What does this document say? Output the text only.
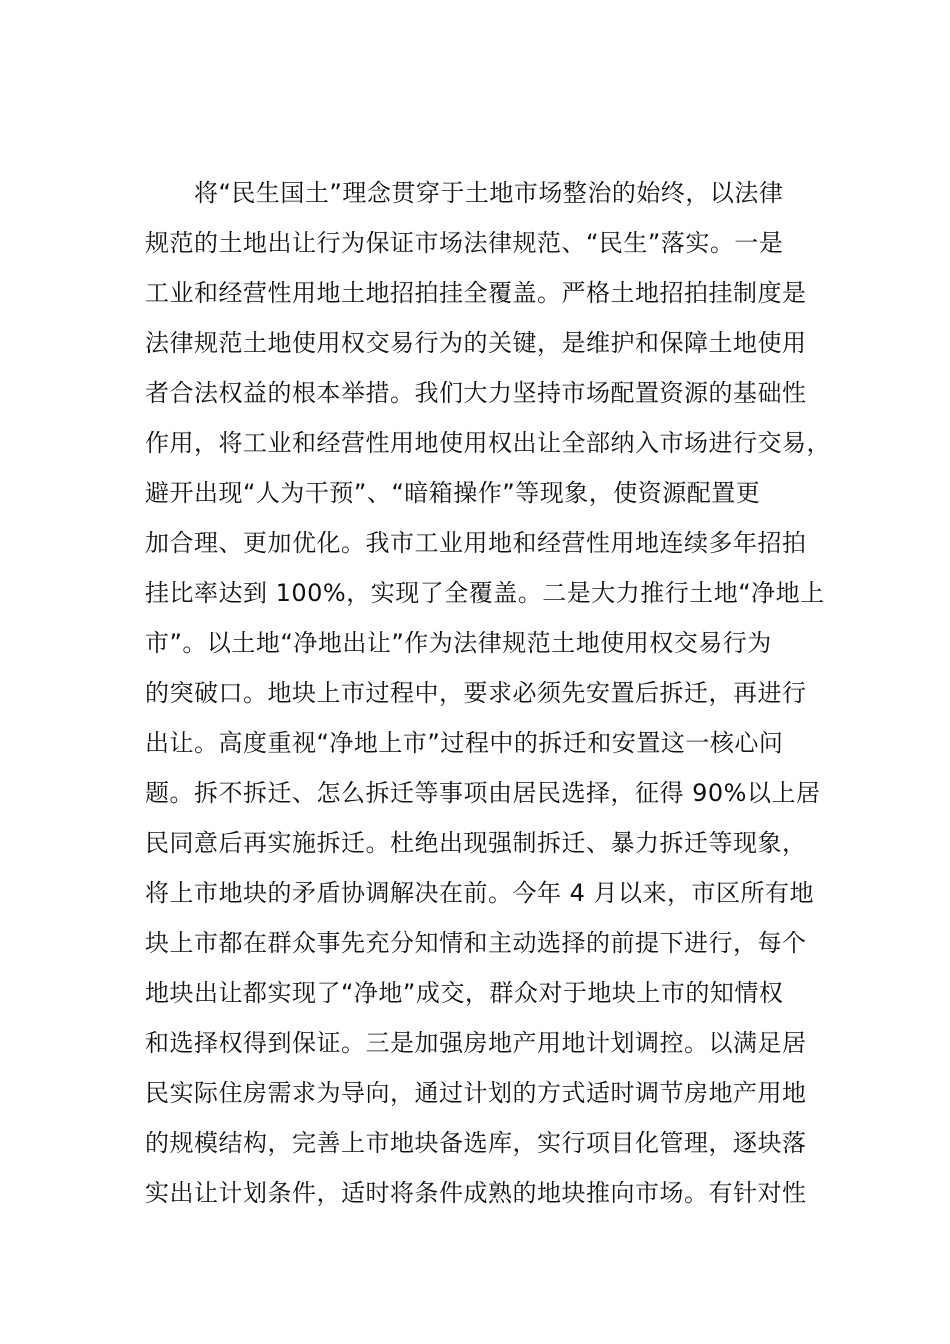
将“民生国土”理念贯穿于土地市场整治的始终，以法律
规范的土地出让行为保证市场法律规范、“民生”落实。一是
工业和经营性用地土地招拍挂全覆盖。严格土地招拍挂制度是
法律规范土地使用权交易行为的关键，是维护和保障土地使用
者合法权益的根本举措。我们大力坚持市场配置资源的基础性
作用，将工业和经营性用地使用权出让全部纳入市场进行交易，
避开出现“人为干预”、“暗箱操作”等现象，使资源配置更
加合理、更加优化。我市工业用地和经营性用地连续多年招拍
挂比率达到 100%，实现了全覆盖。二是大力推行土地“净地上
市”。以土地“净地出让”作为法律规范土地使用权交易行为
的突破口。地块上市过程中，要求必须先安置后拆迁，再进行
出让。高度重视“净地上市”过程中的拆迁和安置这一核心问
题。拆不拆迁、怎么拆迁等事项由居民选择，征得 90%以上居
民同意后再实施拆迁。杜绝出现强制拆迁、暴力拆迁等现象，
将上市地块的矛盾协调解决在前。今年 4 月以来，市区所有地
块上市都在群众事先充分知情和主动选择的前提下进行，每个
地块出让都实现了“净地”成交，群众对于地块上市的知情权
和选择权得到保证。三是加强房地产用地计划调控。以满足居
民实际住房需求为导向，通过计划的方式适时调节房地产用地
的规模结构，完善上市地块备选库，实行项目化管理，逐块落
实出让计划条件，适时将条件成熟的地块推向市场。有针对性
